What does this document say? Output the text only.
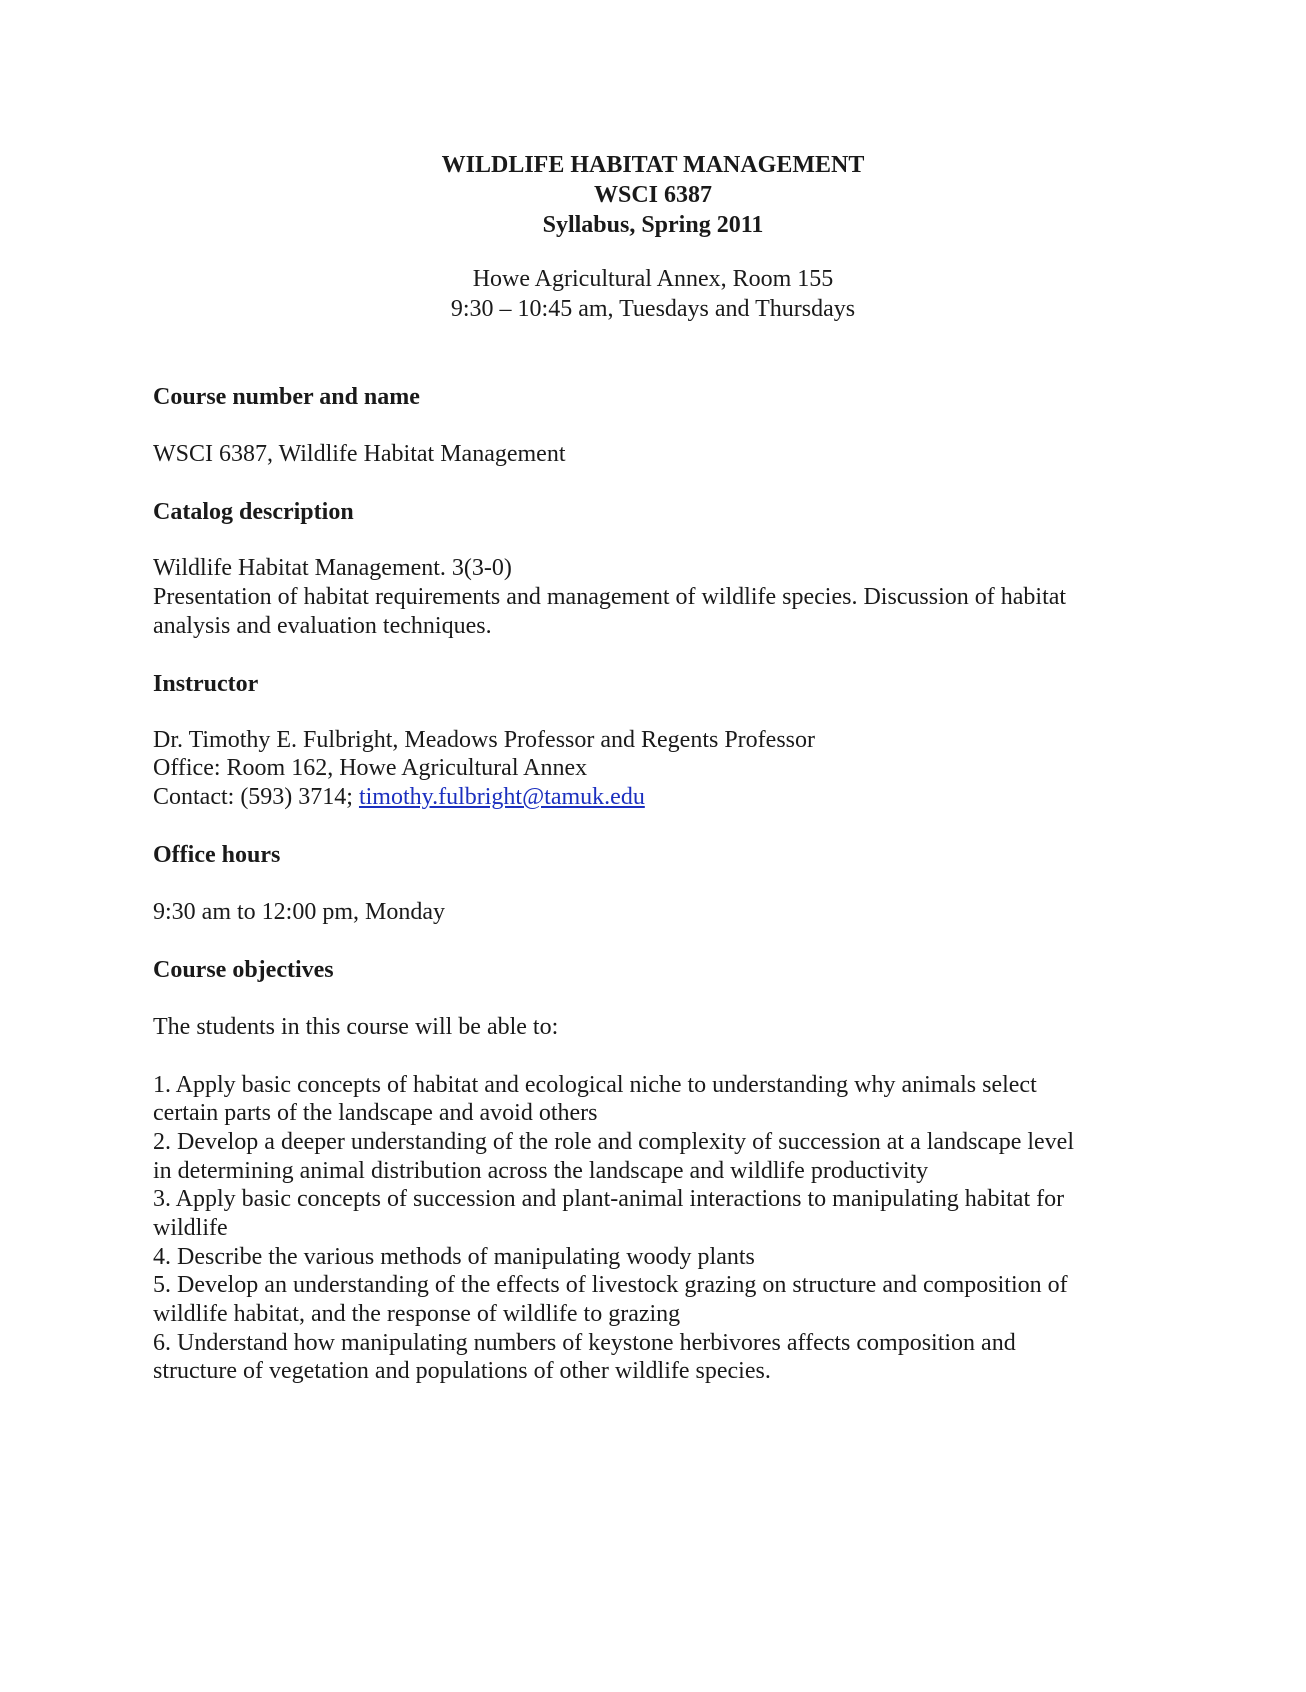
WILDLIFE HABITAT MANAGEMENT

WSCI 6387

Syllabus, Spring 2011

Howe Agricultural Annex, Room 155

9:30 – 10:45 am, Tuesdays and Thursdays

Course number and name

WSCI 6387, Wildlife Habitat Management

Catalog description

Wildlife Habitat Management. 3(3-0)

Presentation of habitat requirements and management of wildlife species. Discussion of habitat

analysis and evaluation techniques.

Instructor

Dr. Timothy E. Fulbright, Meadows Professor and Regents Professor

Office: Room 162, Howe Agricultural Annex

Contact: (593) 3714; timothy.fulbright@tamuk.edu

Office hours

9:30 am to 12:00 pm, Monday

Course objectives

The students in this course will be able to:

1. Apply basic concepts of habitat and ecological niche to understanding why animals select

certain parts of the landscape and avoid others

2. Develop a deeper understanding of the role and complexity of succession at a landscape level

in determining animal distribution across the landscape and wildlife productivity

3. Apply basic concepts of succession and plant-animal interactions to manipulating habitat for

wildlife

4. Describe the various methods of manipulating woody plants

5. Develop an understanding of the effects of livestock grazing on structure and composition of

wildlife habitat, and the response of wildlife to grazing

6. Understand how manipulating numbers of keystone herbivores affects composition and

structure of vegetation and populations of other wildlife species.
